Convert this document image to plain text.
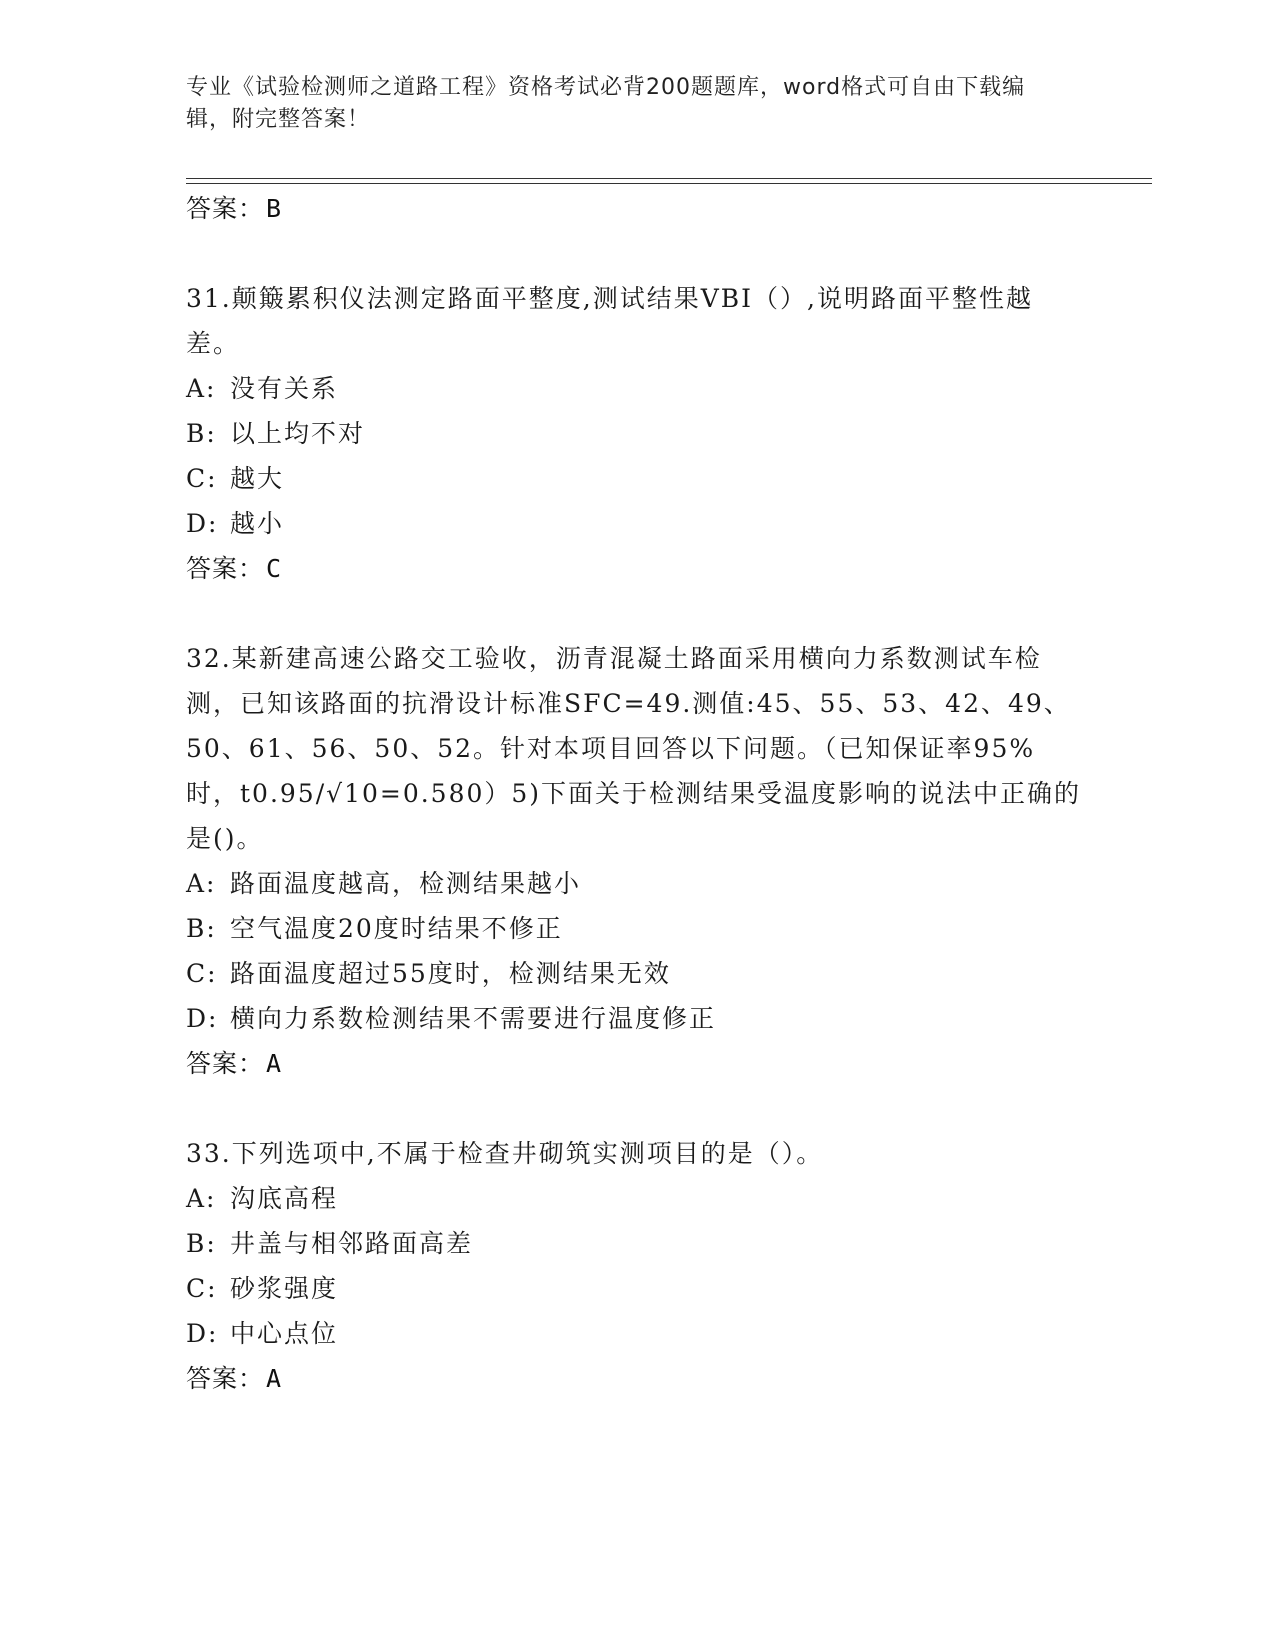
专业《试验检测师之道路工程》资格考试必背200题题库，word格式可自由下载编辑，附完整答案！

答案：B

31.颠簸累积仪法测定路面平整度,测试结果VBI（）,说明路面平整性越差。

A: 没有关系
B: 以上均不对
C: 越大
D: 越小
答案：C

32.某新建高速公路交工验收，沥青混凝土路面采用横向力系数测试车检测，已知该路面的抗滑设计标准SFC=49.测值:45、55、53、42、49、50、61、56、50、52。针对本项目回答以下问题。（已知保证率95%时，t0.95/√10=0.580）5)下面关于检测结果受温度影响的说法中正确的是()。

A: 路面温度越高，检测结果越小
B: 空气温度20度时结果不修正
C: 路面温度超过55度时，检测结果无效
D: 横向力系数检测结果不需要进行温度修正
答案：A

33.下列选项中,不属于检查井砌筑实测项目的是（）。

A: 沟底高程
B: 井盖与相邻路面高差
C: 砂浆强度
D: 中心点位
答案：A
